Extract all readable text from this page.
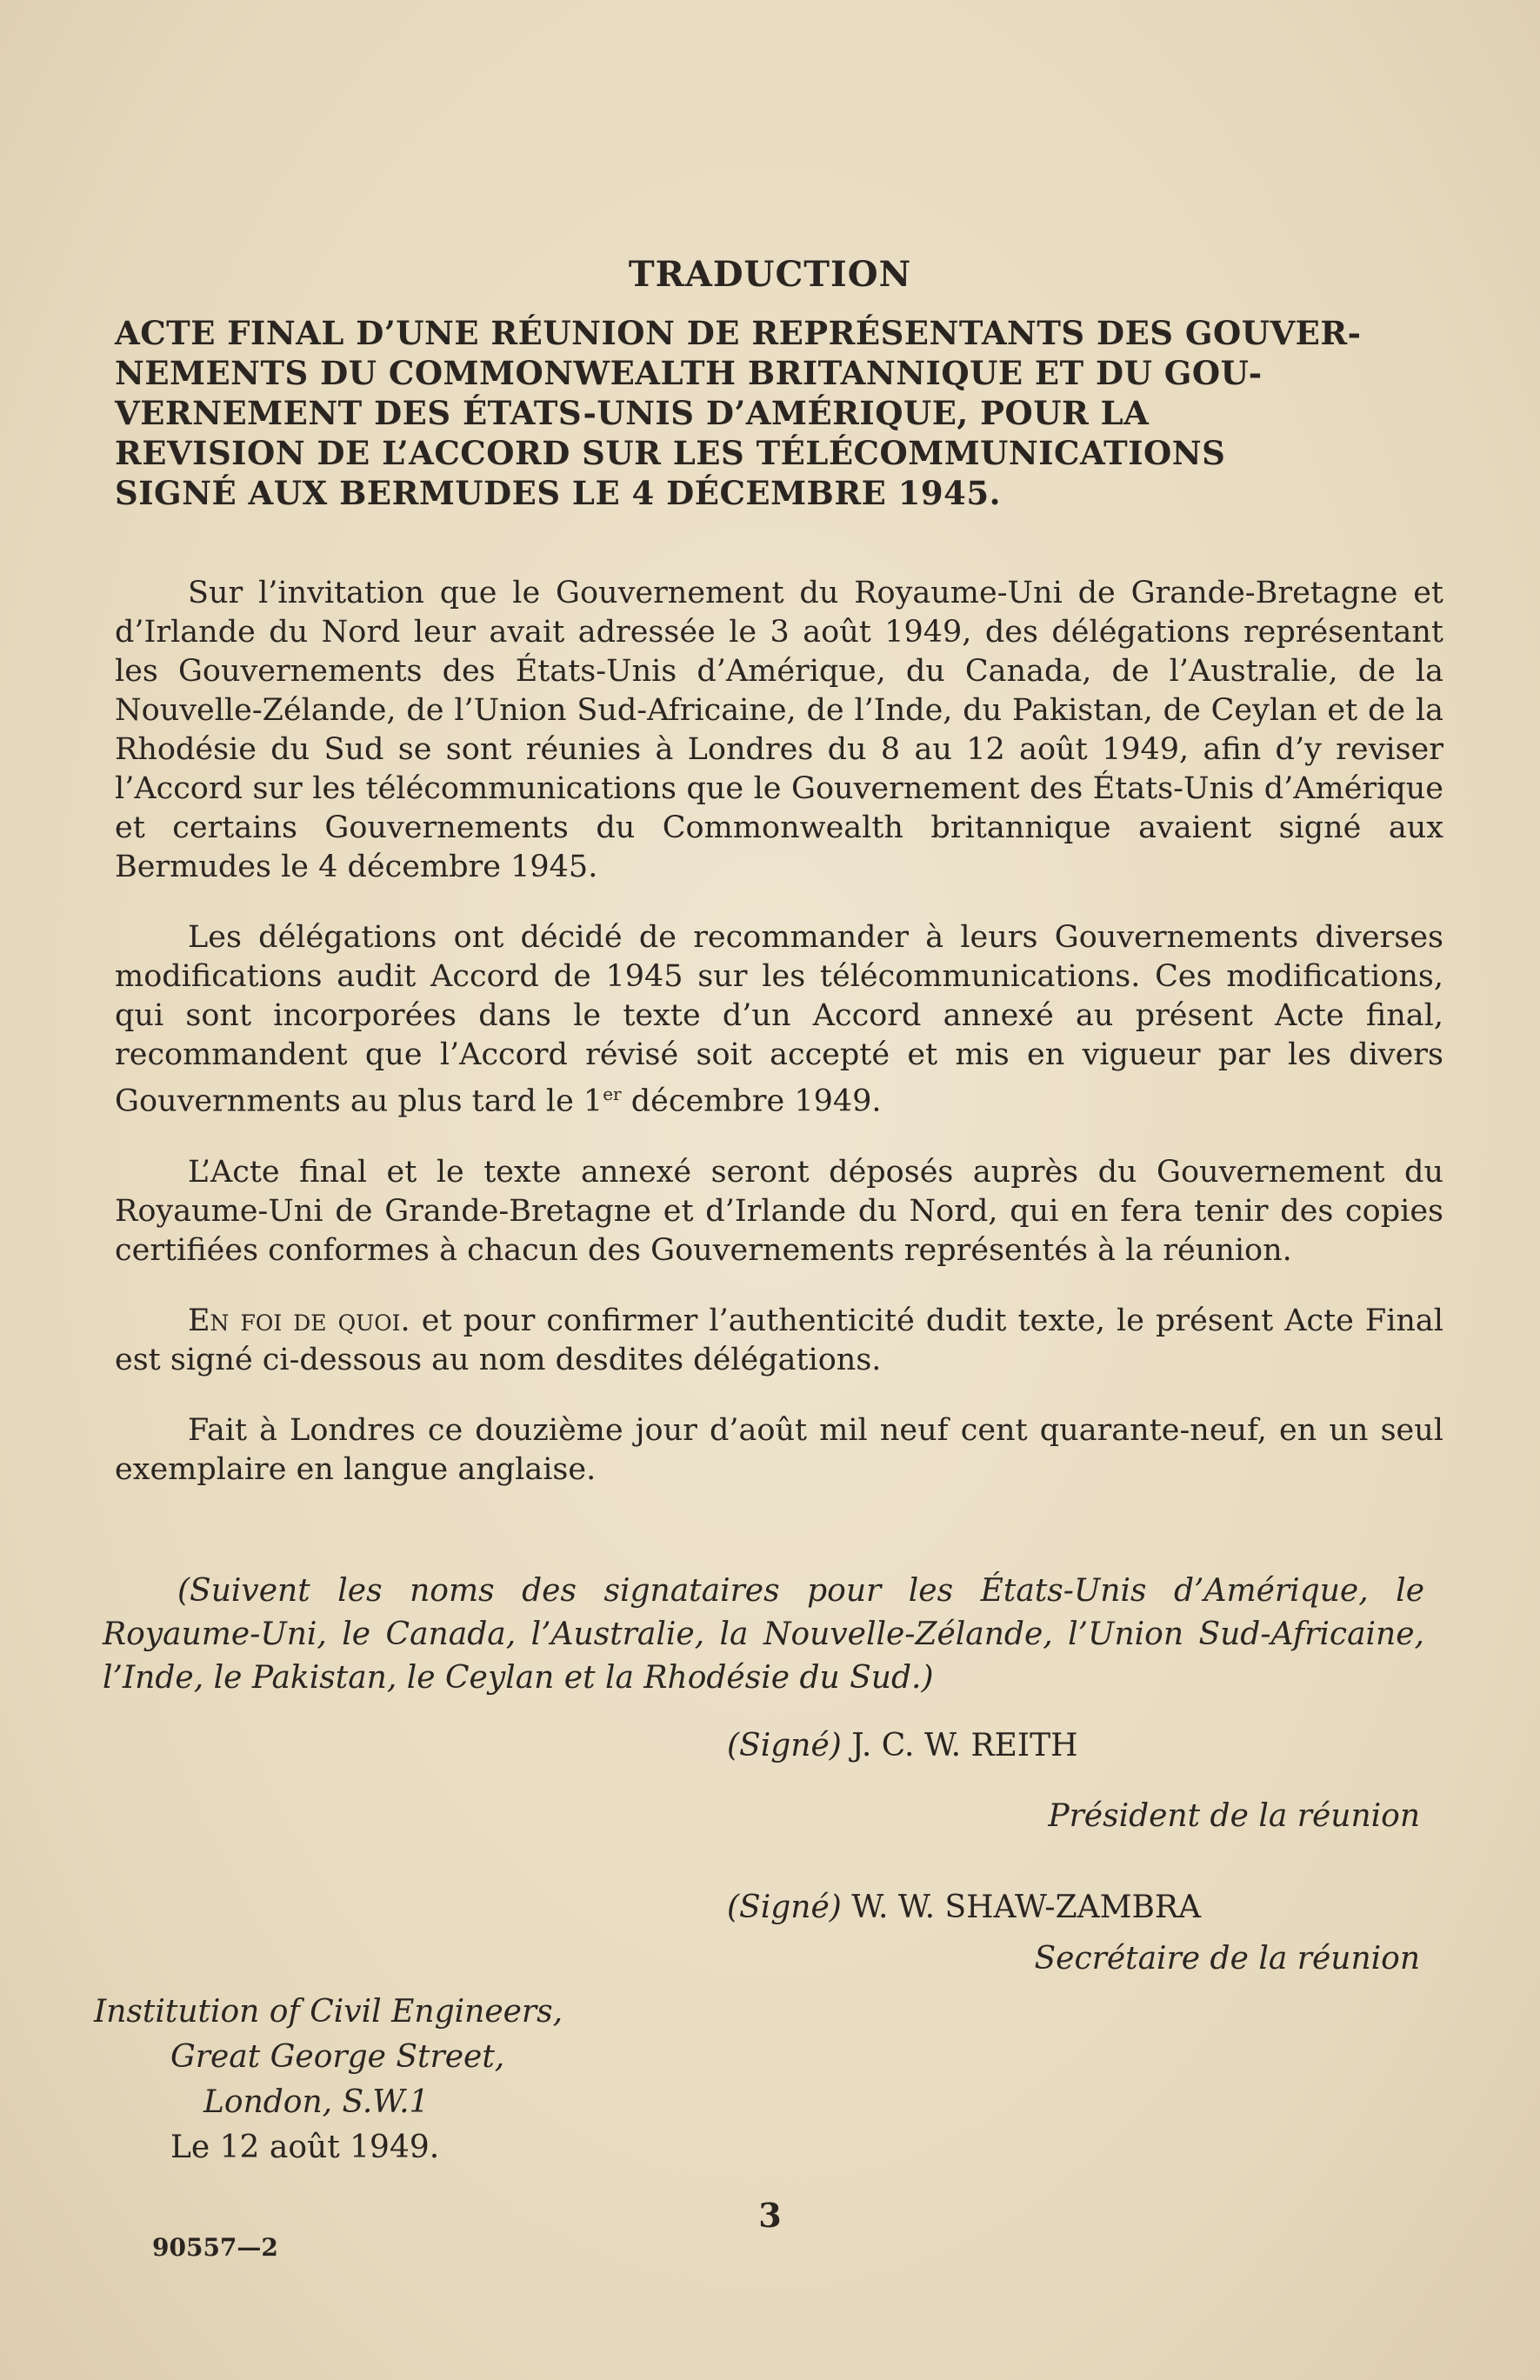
TRADUCTION
ACTE FINAL D’UNE RÉUNION DE REPRÉSENTANTS DES GOUVER-
NEMENTS DU COMMONWEALTH BRITANNIQUE ET DU GOU-
VERNEMENT DES ÉTATS-UNIS D’AMÉRIQUE, POUR LA
REVISION DE L’ACCORD SUR LES TÉLÉCOMMUNICATIONS
SIGNÉ AUX BERMUDES LE 4 DÉCEMBRE 1945.

Sur l’invitation que le Gouvernement du Royaume-Uni de Grande-Bretagne et d’Irlande du Nord leur avait adressée le 3 août 1949, des délégations représentant les Gouvernements des États-Unis d’Amérique, du Canada, de l’Australie, de la Nouvelle-Zélande, de l’Union Sud-Africaine, de l’Inde, du Pakistan, de Ceylan et de la Rhodésie du Sud se sont réunies à Londres du 8 au 12 août 1949, afin d’y reviser l’Accord sur les télécommunications que le Gouvernement des États-Unis d’Amérique et certains Gouvernements du Commonwealth britannique avaient signé aux Bermudes le 4 décembre 1945.

Les délégations ont décidé de recommander à leurs Gouvernements diverses modifications audit Accord de 1945 sur les télécommunications. Ces modifications, qui sont incorporées dans le texte d’un Accord annexé au présent Acte final, recommandent que l’Accord révisé soit accepté et mis en vigueur par les divers Gouvernments au plus tard le 1er décembre 1949.

L’Acte final et le texte annexé seront déposés auprès du Gouvernement du Royaume-Uni de Grande-Bretagne et d’Irlande du Nord, qui en fera tenir des copies certifiées conformes à chacun des Gouvernements représentés à la réunion.

En foi de quoi. et pour confirmer l’authenticité dudit texte, le présent Acte Final est signé ci-dessous au nom desdites délégations.

Fait à Londres ce douzième jour d’août mil neuf cent quarante-neuf, en un seul exemplaire en langue anglaise.

(Suivent les noms des signataires pour les États-Unis d’Amérique, le Royaume-Uni, le Canada, l’Australie, la Nouvelle-Zélande, l’Union Sud-Africaine, l’Inde, le Pakistan, le Ceylan et la Rhodésie du Sud.)
(Signé) J. C. W. REITH
Président de la réunion
(Signé) W. W. SHAW-ZAMBRA
Secrétaire de la réunion
Institution of Civil Engineers,
Great George Street,
London, S.W.1
Le 12 août 1949.
3
90557—2
